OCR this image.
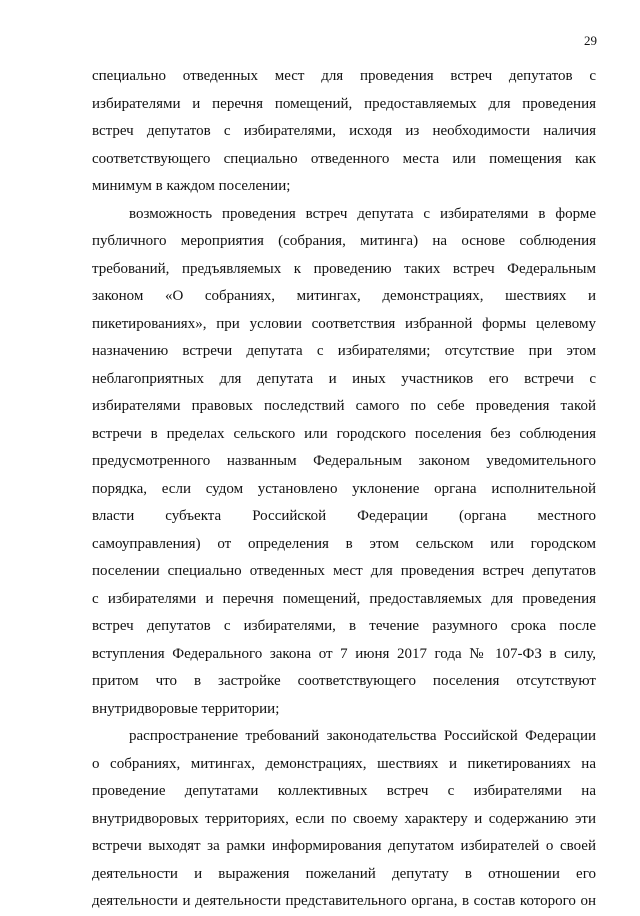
29
специально отведенных мест для проведения встреч депутатов с
избирателями и перечня помещений, предоставляемых для проведения
встреч депутатов с избирателями, исходя из необходимости наличия
соответствующего специально отведенного места или помещения как
минимум в каждом поселении;
возможность проведения встреч депутата с избирателями в форме
публичного мероприятия (собрания, митинга) на основе соблюдения
требований, предъявляемых к проведению таких встреч Федеральным
законом «О собраниях, митингах, демонстрациях, шествиях и
пикетированиях», при условии соответствия избранной формы целевому
назначению встречи депутата с избирателями; отсутствие при этом
неблагоприятных для депутата и иных участников его встречи с
избирателями правовых последствий самого по себе проведения такой
встречи в пределах сельского или городского поселения без соблюдения
предусмотренного названным Федеральным законом уведомительного
порядка, если судом установлено уклонение органа исполнительной
власти субъекта Российской Федерации (органа местного
самоуправления) от определения в этом сельском или городском
поселении специально отведенных мест для проведения встреч депутатов
с избирателями и перечня помещений, предоставляемых для проведения
встреч депутатов с избирателями, в течение разумного срока после
вступления Федерального закона от 7 июня 2017 года № 107-ФЗ в силу,
притом что в застройке соответствующего поселения отсутствуют
внутридворовые территории;
распространение требований законодательства Российской Федерации
о собраниях, митингах, демонстрациях, шествиях и пикетированиях на
проведение депутатами коллективных встреч с избирателями на
внутридворовых территориях, если по своему характеру и содержанию эти
встречи выходят за рамки информирования депутатом избирателей о своей
деятельности и выражения пожеланий депутату в отношении его
деятельности и деятельности представительного органа, в состав которого он
